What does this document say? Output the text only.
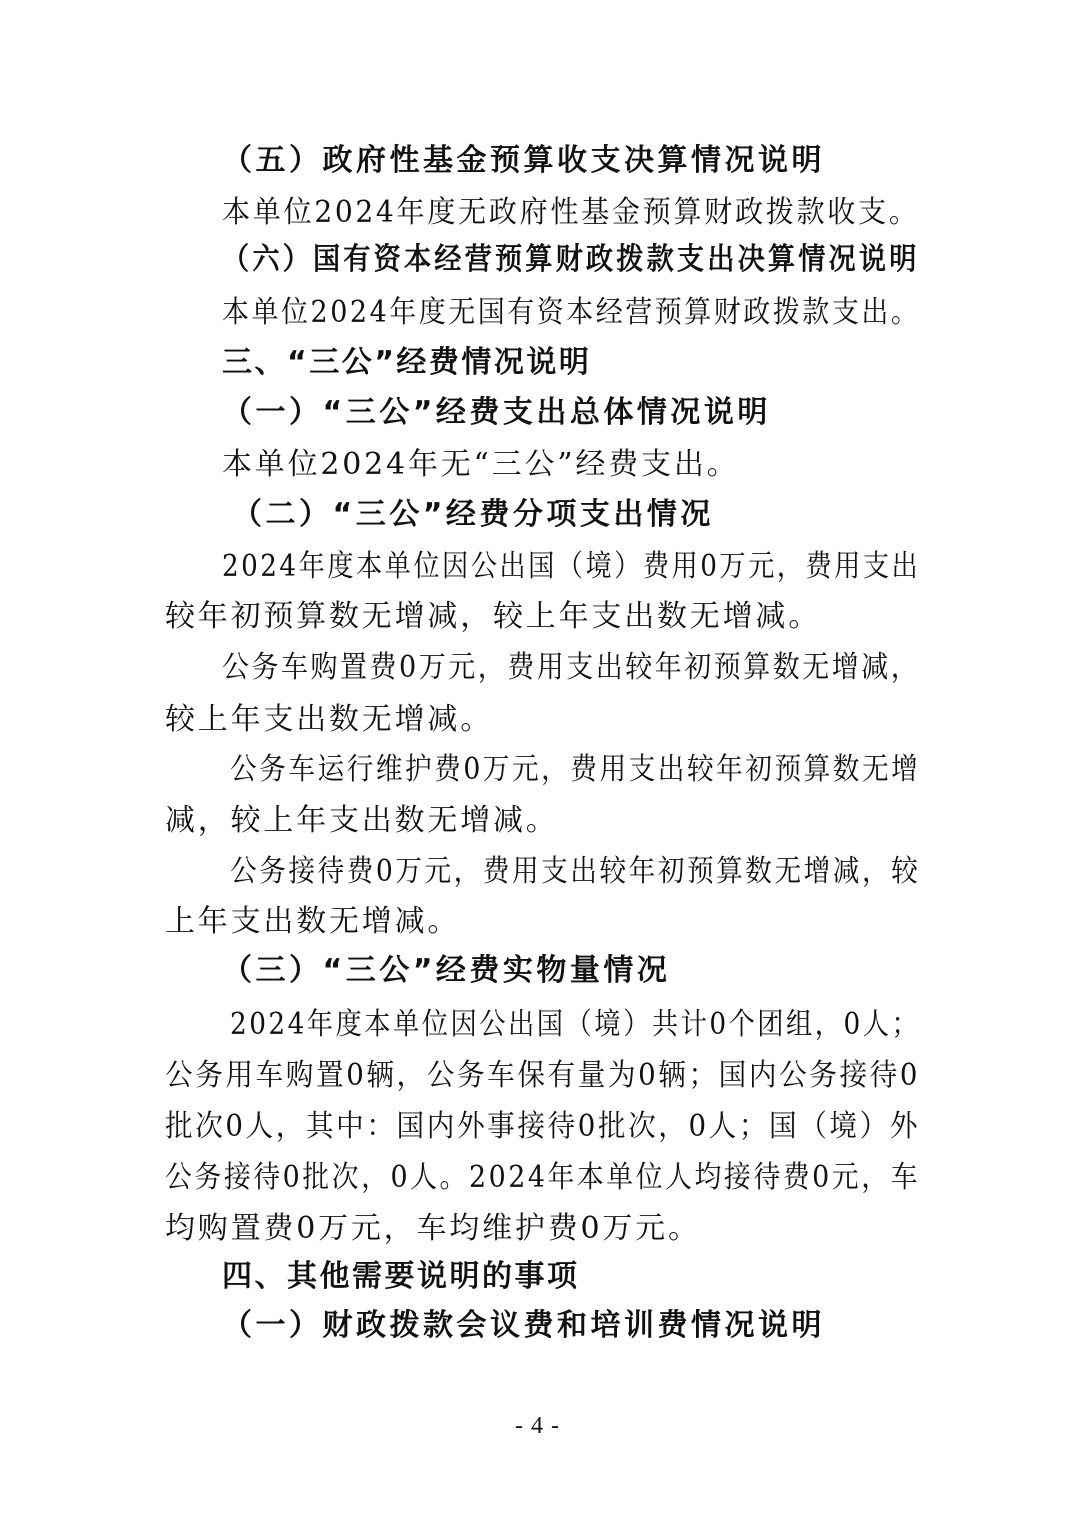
（五）政府性基金预算收支决算情况说明
本单位2024年度无政府性基金预算财政拨款收支。
（六）国有资本经营预算财政拨款支出决算情况说明
本单位2024年度无国有资本经营预算财政拨款支出。
三、“三公”经费情况说明
（一）“三公”经费支出总体情况说明
本单位2024年无“三公”经费支出。
（二）“三公”经费分项支出情况
2024年度本单位因公出国（境）费用0万元，费用支出
较年初预算数无增减，较上年支出数无增减。
公务车购置费0万元，费用支出较年初预算数无增减，
较上年支出数无增减。
公务车运行维护费0万元，费用支出较年初预算数无增
减，较上年支出数无增减。
公务接待费0万元，费用支出较年初预算数无增减，较
上年支出数无增减。
（三）“三公”经费实物量情况
2024年度本单位因公出国（境）共计0个团组，0人；
公务用车购置0辆，公务车保有量为0辆；国内公务接待0
批次0人，其中：国内外事接待0批次，0人；国（境）外
公务接待0批次，0人。2024年本单位人均接待费0元，车
均购置费0万元，车均维护费0万元。
四、其他需要说明的事项
（一）财政拨款会议费和培训费情况说明
- 4 -
